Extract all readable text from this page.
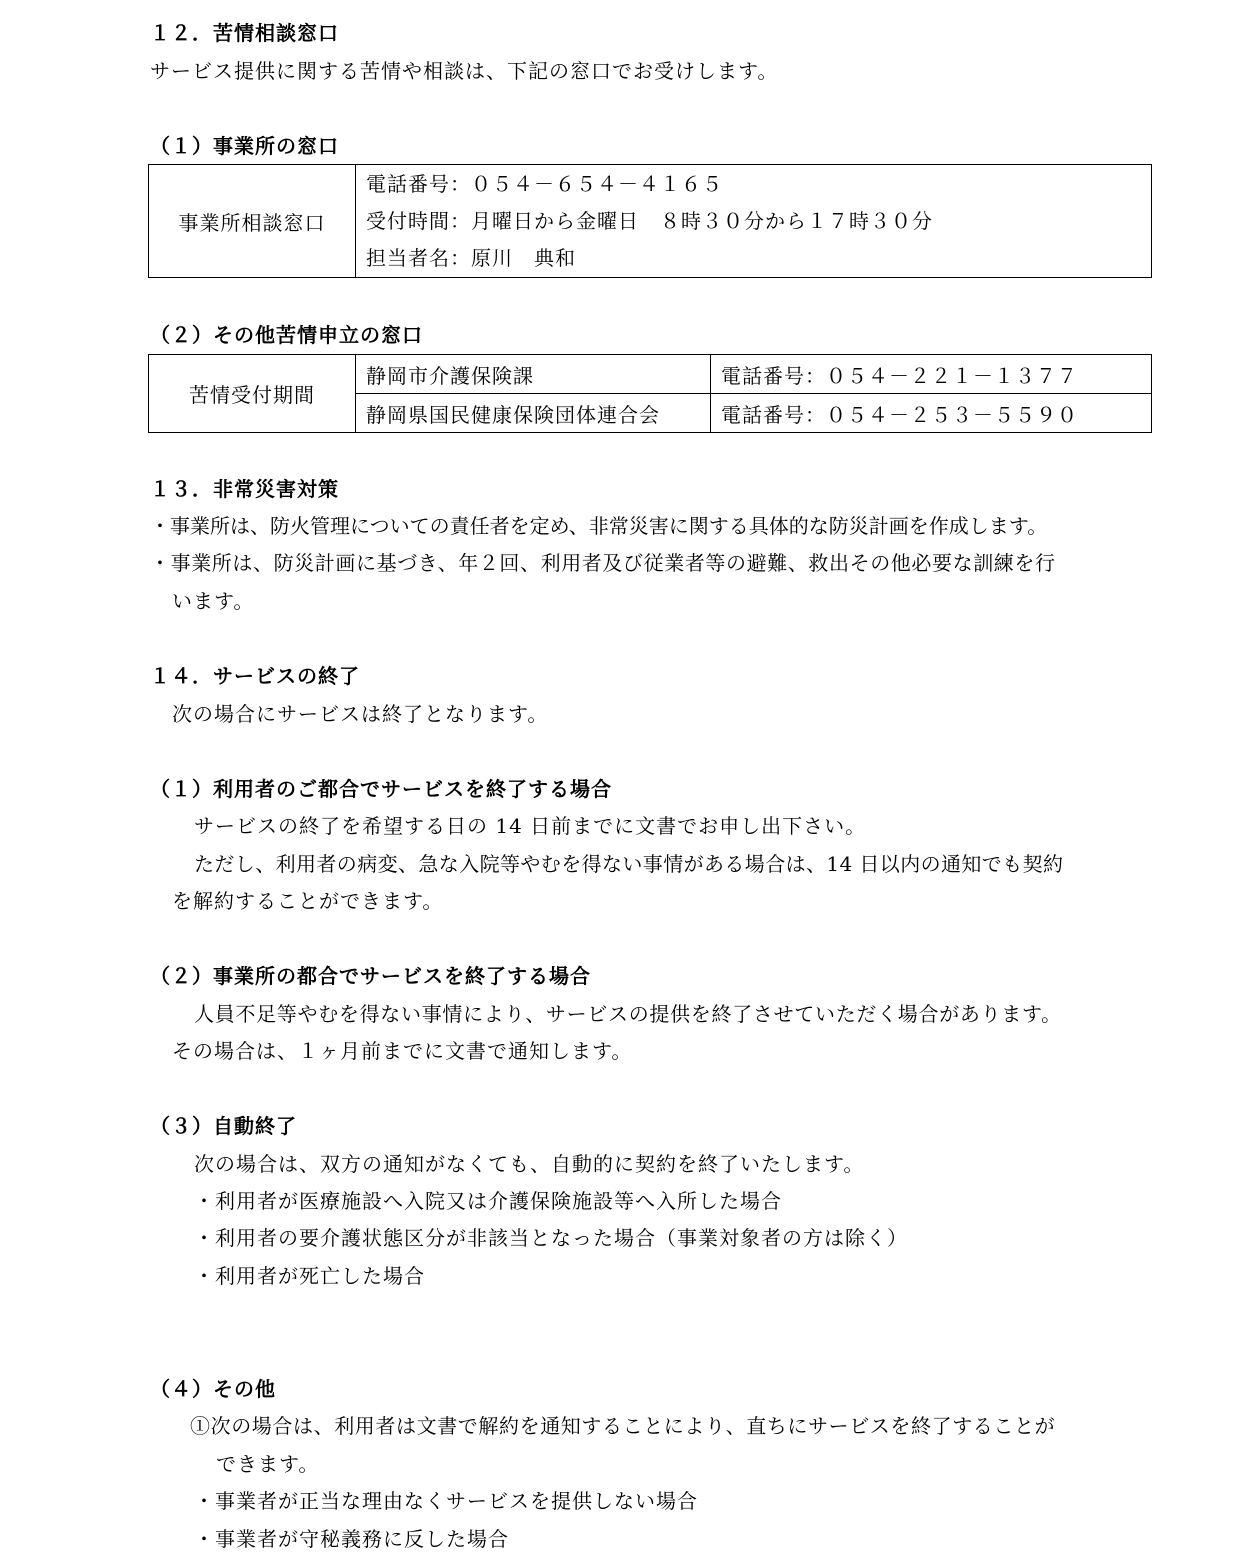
１２．苦情相談窓口
サービス提供に関する苦情や相談は、下記の窓口でお受けします。
（１）事業所の窓口
事業所相談窓口	
電話番号：０５４－６５４－４１６５
受付時間：月曜日から金曜日　８時３０分から１７時３０分
担当者名：原川　典和
（２）その他苦情申立の窓口
苦情受付期間	静岡市介護保険課	電話番号：０５４－２２１－１３７７
	静岡県国民健康保険団体連合会	電話番号：０５４－２５３－５５９０
１３．非常災害対策
・事業所は、防火管理についての責任者を定め、非常災害に関する具体的な防災計画を作成します。
・事業所は、防災計画に基づき、年２回、利用者及び従業者等の避難、救出その他必要な訓練を行
います。
１４．サービスの終了
次の場合にサービスは終了となります。
（１）利用者のご都合でサービスを終了する場合
サービスの終了を希望する日の 14 日前までに文書でお申し出下さい。
ただし、利用者の病変、急な入院等やむを得ない事情がある場合は、14 日以内の通知でも契約
を解約することができます。
（２）事業所の都合でサービスを終了する場合
人員不足等やむを得ない事情により、サービスの提供を終了させていただく場合があります。
その場合は、１ヶ月前までに文書で通知します。
（３）自動終了
次の場合は、双方の通知がなくても、自動的に契約を終了いたします。
・利用者が医療施設へ入院又は介護保険施設等へ入所した場合
・利用者の要介護状態区分が非該当となった場合（事業対象者の方は除く）
・利用者が死亡した場合
（４）その他
①次の場合は、利用者は文書で解約を通知することにより、直ちにサービスを終了することが
できます。
・事業者が正当な理由なくサービスを提供しない場合
・事業者が守秘義務に反した場合
